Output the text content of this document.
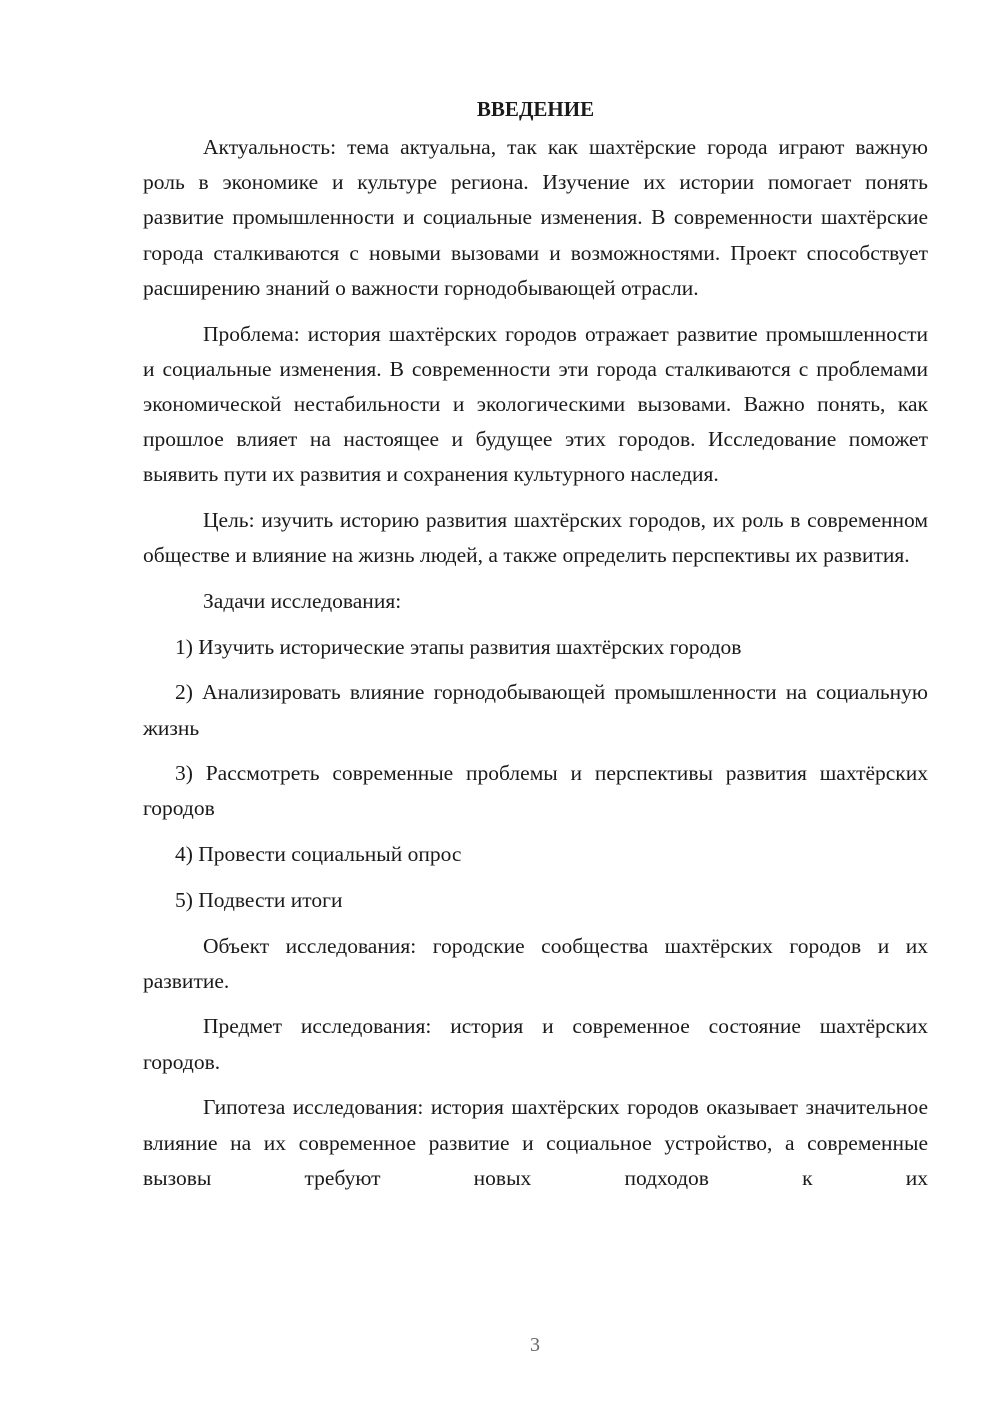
ВВЕДЕНИЕ

Актуальность: тема актуальна, так как шахтёрские города играют важную роль в экономике и культуре региона. Изучение их истории помогает понять развитие промышленности и социальные изменения. В современности шахтёрские города сталкиваются с новыми вызовами и возможностями. Проект способствует расширению знаний о важности горнодобывающей отрасли.

Проблема: история шахтёрских городов отражает развитие промышленности и социальные изменения. В современности эти города сталкиваются с проблемами экономической нестабильности и экологическими вызовами. Важно понять, как прошлое влияет на настоящее и будущее этих городов. Исследование поможет выявить пути их развития и сохранения культурного наследия.

Цель: изучить историю развития шахтёрских городов, их роль в современном обществе и влияние на жизнь людей, а также определить перспективы их развития.

Задачи исследования:

1) Изучить исторические этапы развития шахтёрских городов

2) Анализировать влияние горнодобывающей промышленности на социальную жизнь

3) Рассмотреть современные проблемы и перспективы развития шахтёрских городов

4) Провести социальный опрос

5) Подвести итоги

Объект исследования: городские сообщества шахтёрских городов и их развитие.

Предмет исследования: история и современное состояние шахтёрских городов.

Гипотеза исследования: история шахтёрских городов оказывает значительное влияние на их современное развитие и социальное устройство, а современные вызовы требуют новых подходов к их

3
